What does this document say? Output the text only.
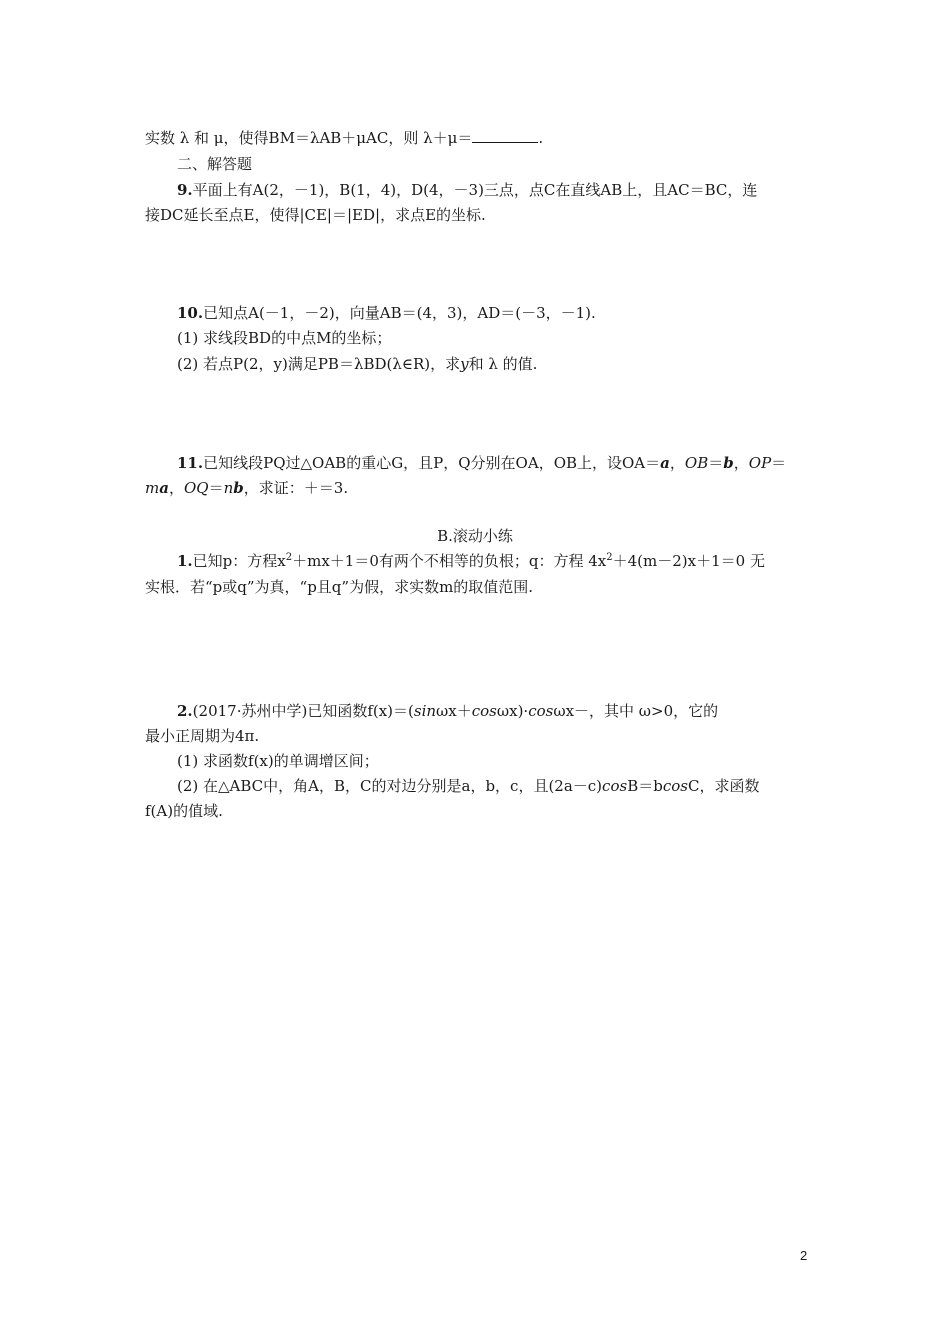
实数 λ 和 μ，使得BM＝λAB＋μAC，则 λ＋μ＝	.
二、解答题
9.平面上有A(2，－1)，B(1，4)，D(4，－3)三点，点C在直线AB上，且AC＝BC，连
接DC延长至点E，使得|CE|＝|ED|，求点E的坐标.
10.已知点A(－1，－2)，向量AB＝(4，3)，AD＝(－3，－1).
(1) 求线段BD的中点M的坐标；
(2) 若点P(2，y)满足PB＝λBD(λ∈R)，求y和 λ 的值.
11.已知线段PQ过△OAB的重心G，且P，Q分别在OA，OB上，设OA＝a，OB＝b，OP＝
ma，OQ＝nb，求证：＋＝3.
B.滚动小练
1.已知p：方程$x^2+mx+1=0$有两个不相等的负根；q：方程 $4x^2+4(m-2)x+1=0$ 无
实根．若“p或q”为真，“p且q”为假，求实数m的取值范围.
2.(2017·苏州中学)已知函数f(x)＝(sinωx＋cosωx)·cosωx－，其中 ω>0，它的
最小正周期为4π.
(1) 求函数f(x)的单调增区间；
(2) 在△ABC中，角A，B，C的对边分别是a，b，c，且(2a－c)cosB＝bcosC，求函数
f(A)的值域.
2
